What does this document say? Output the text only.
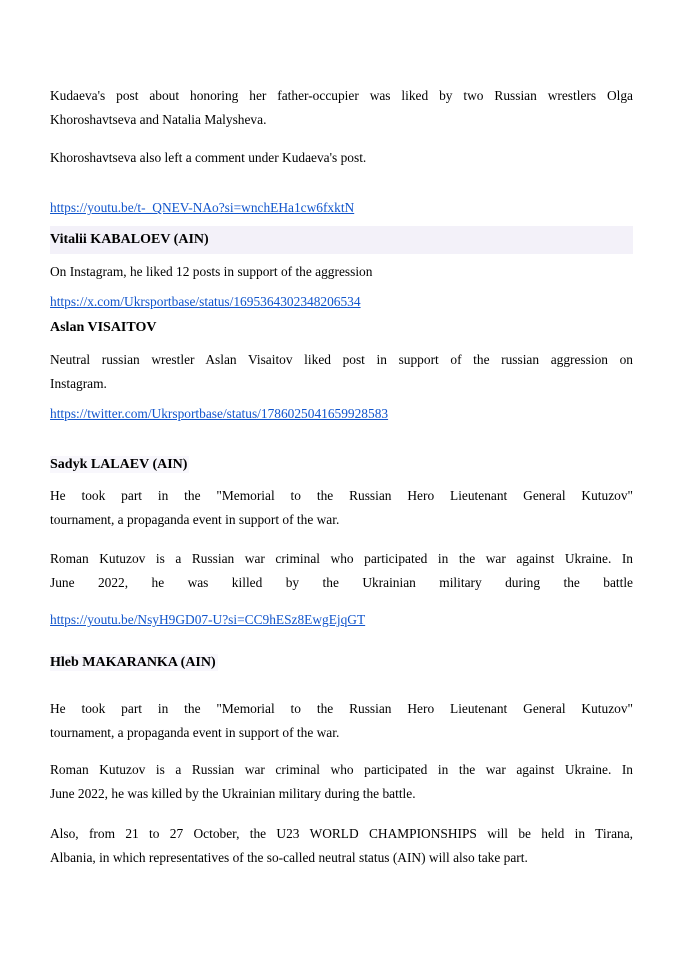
Kudaeva's post about honoring her father-occupier was liked by two Russian wrestlers Olga
Khoroshavtseva and Natalia Malysheva.
Khoroshavtseva also left a comment under Kudaeva's post.
https://youtu.be/t-_QNEV-NAo?si=wnchEHa1cw6fxktN
Vitalii KABALOEV (AIN)
On Instagram, he liked 12 posts in support of the aggression
https://x.com/Ukrsportbase/status/1695364302348206534
Aslan VISAITOV
Neutral russian wrestler Aslan Visaitov liked post in support of the russian aggression on
Instagram.
https://twitter.com/Ukrsportbase/status/1786025041659928583
Sadyk LALAEV (AIN)
He took part in the "Memorial to the Russian Hero Lieutenant General Kutuzov"
tournament, a propaganda event in support of the war.
Roman Kutuzov is a Russian war criminal who participated in the war against Ukraine. In
June 2022, he was killed by the Ukrainian military during the battle
https://youtu.be/NsyH9GD07-U?si=CC9hESz8EwgEjqGT
Hleb MAKARANKA (AIN)
He took part in the "Memorial to the Russian Hero Lieutenant General Kutuzov"
tournament, a propaganda event in support of the war.
Roman Kutuzov is a Russian war criminal who participated in the war against Ukraine. In
June 2022, he was killed by the Ukrainian military during the battle.
Also, from 21 to 27 October, the U23 WORLD CHAMPIONSHIPS will be held in Tirana,
Albania, in which representatives of the so-called neutral status (AIN) will also take part.
